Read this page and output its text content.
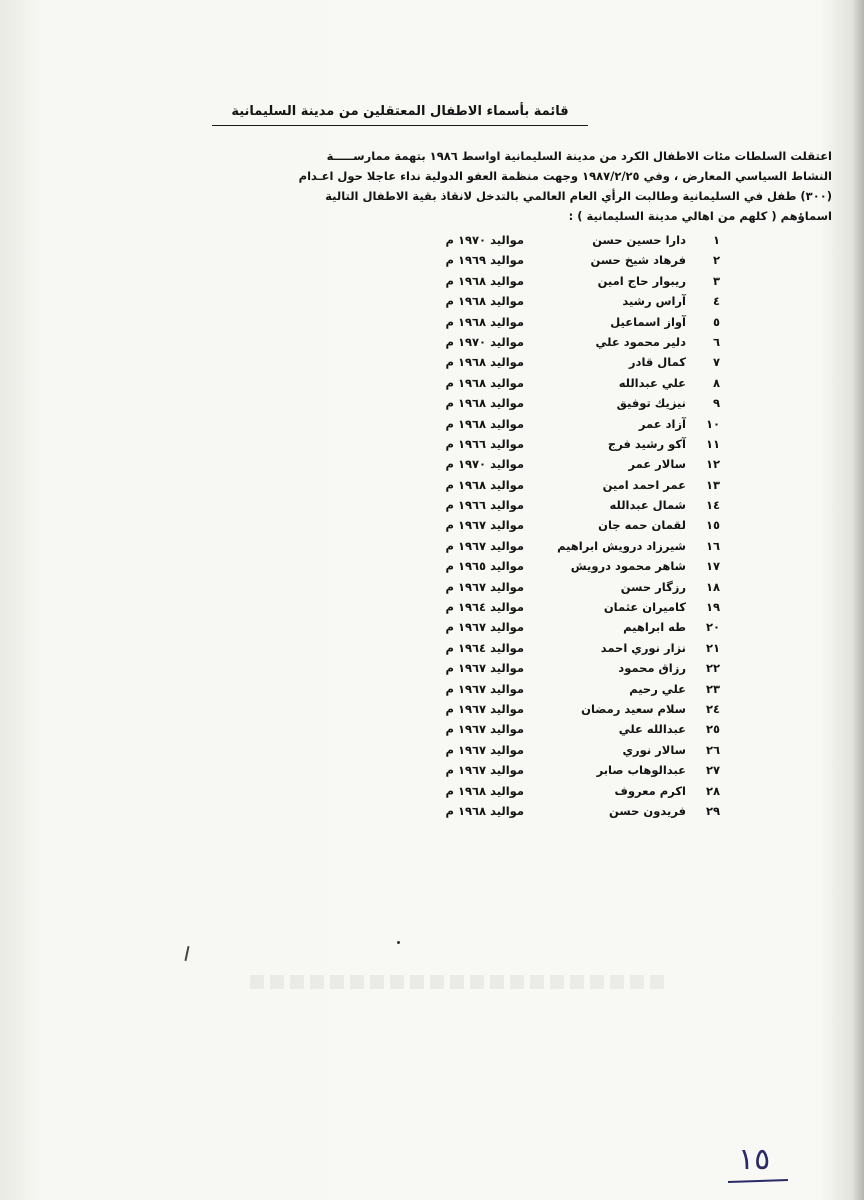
قائمة بأسماء الاطفال المعتقلين من مدينة السليمانية
اعتقلت السلطات مئات الاطفال الكرد من مدينة السليمانية اواسط ١٩٨٦ بتهمة ممارســـــة
النشاط السياسي المعارض ، وفي ١٩٨٧/٢/٢٥ وجهت منظمة العفو الدولية نداء عاجلا حول اعـدام
(٣٠٠) طفل في السليمانية وطالبت الرأي العام العالمي بالتدخل لانقاذ بقية الاطفال التالية
اسماؤهم ( كلهم من اهالي مدينة السليمانية ) :
١
دارا حسين حسن
مواليد ١٩٧٠ م
٢
فرهاد شيخ حسن
مواليد ١٩٦٩ م
٣
ريبوار حاج امين
مواليد ١٩٦٨ م
٤
آراس رشيد
مواليد ١٩٦٨ م
٥
آواز اسماعيل
مواليد ١٩٦٨ م
٦
دلير محمود علي
مواليد ١٩٧٠ م
٧
كمال قادر
مواليد ١٩٦٨ م
٨
علي عبدالله
مواليد ١٩٦٨ م
٩
نيزيك توفيق
مواليد ١٩٦٨ م
١٠
آزاد عمر
مواليد ١٩٦٨ م
١١
آكو رشيد فرج
مواليد ١٩٦٦ م
١٢
سالار عمر
مواليد ١٩٧٠ م
١٣
عمر احمد امين
مواليد ١٩٦٨ م
١٤
شمال عبدالله
مواليد ١٩٦٦ م
١٥
لقمان حمه جان
مواليد ١٩٦٧ م
١٦
شيرزاد درويش ابراهيم
مواليد ١٩٦٧ م
١٧
شاهر محمود درويش
مواليد ١٩٦٥ م
١٨
رزگار حسن
مواليد ١٩٦٧ م
١٩
كاميران عثمان
مواليد ١٩٦٤ م
٢٠
طه ابراهيم
مواليد ١٩٦٧ م
٢١
نزار نوري احمد
مواليد ١٩٦٤ م
٢٢
رزاق محمود
مواليد ١٩٦٧ م
٢٣
علي رحيم
مواليد ١٩٦٧ م
٢٤
سلام سعيد رمضان
مواليد ١٩٦٧ م
٢٥
عبدالله علي
مواليد ١٩٦٧ م
٢٦
سالار نوري
مواليد ١٩٦٧ م
٢٧
عبدالوهاب صابر
مواليد ١٩٦٧ م
٢٨
اكرم معروف
مواليد ١٩٦٨ م
٢٩
فريدون حسن
مواليد ١٩٦٨ م
١٥
